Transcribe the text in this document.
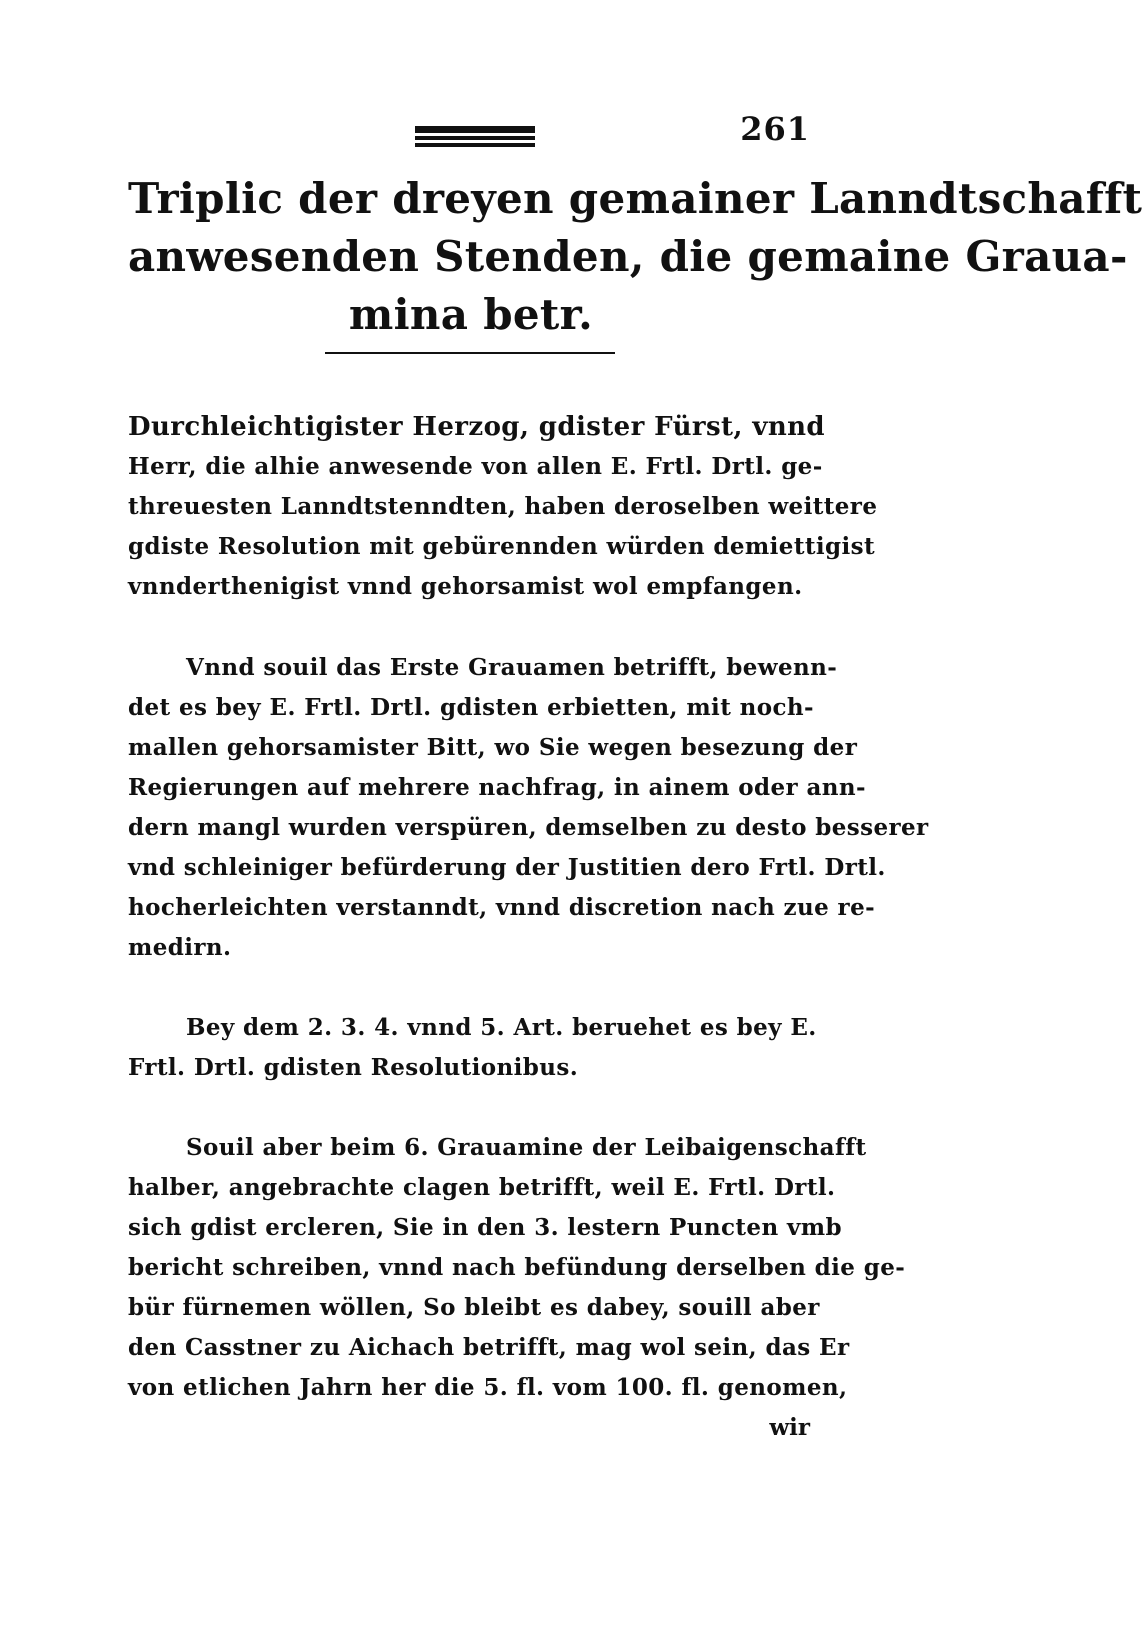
261
Triplic der dreyen gemainer Lanndtschafft
anwesenden Stenden, die gemaine Graua-
mina betr.
Durchleichtigister Herzog, gdister Fürst, vnnd
Herr, die alhie anwesende von allen E. Frtl. Drtl. ge-
threuesten Lanndtstenndten, haben deroselben weittere
gdiste Resolution mit gebürennden würden demiettigist
vnnderthenigist vnnd gehorsamist wol empfangen.
Vnnd souil das Erste Grauamen betrifft, bewenn-
det es bey E. Frtl. Drtl. gdisten erbietten, mit noch-
mallen gehorsamister Bitt, wo Sie wegen besezung der
Regierungen auf mehrere nachfrag, in ainem oder ann-
dern mangl wurden verspüren, demselben zu desto besserer
vnd schleiniger befürderung der Justitien dero Frtl. Drtl.
hocherleichten verstanndt, vnnd discretion nach zue re-
medirn.
Bey dem 2. 3. 4. vnnd 5. Art. beruehet es bey E.
Frtl. Drtl. gdisten Resolutionibus.
Souil aber beim 6. Grauamine der Leibaigenschafft
halber, angebrachte clagen betrifft, weil E. Frtl. Drtl.
sich gdist ercleren, Sie in den 3. lestern Puncten vmb
bericht schreiben, vnnd nach befündung derselben die ge-
bür fürnemen wöllen, So bleibt es dabey, souill aber
den Casstner zu Aichach betrifft, mag wol sein, das Er
von etlichen Jahrn her die 5. fl. vom 100. fl. genomen,
wir
